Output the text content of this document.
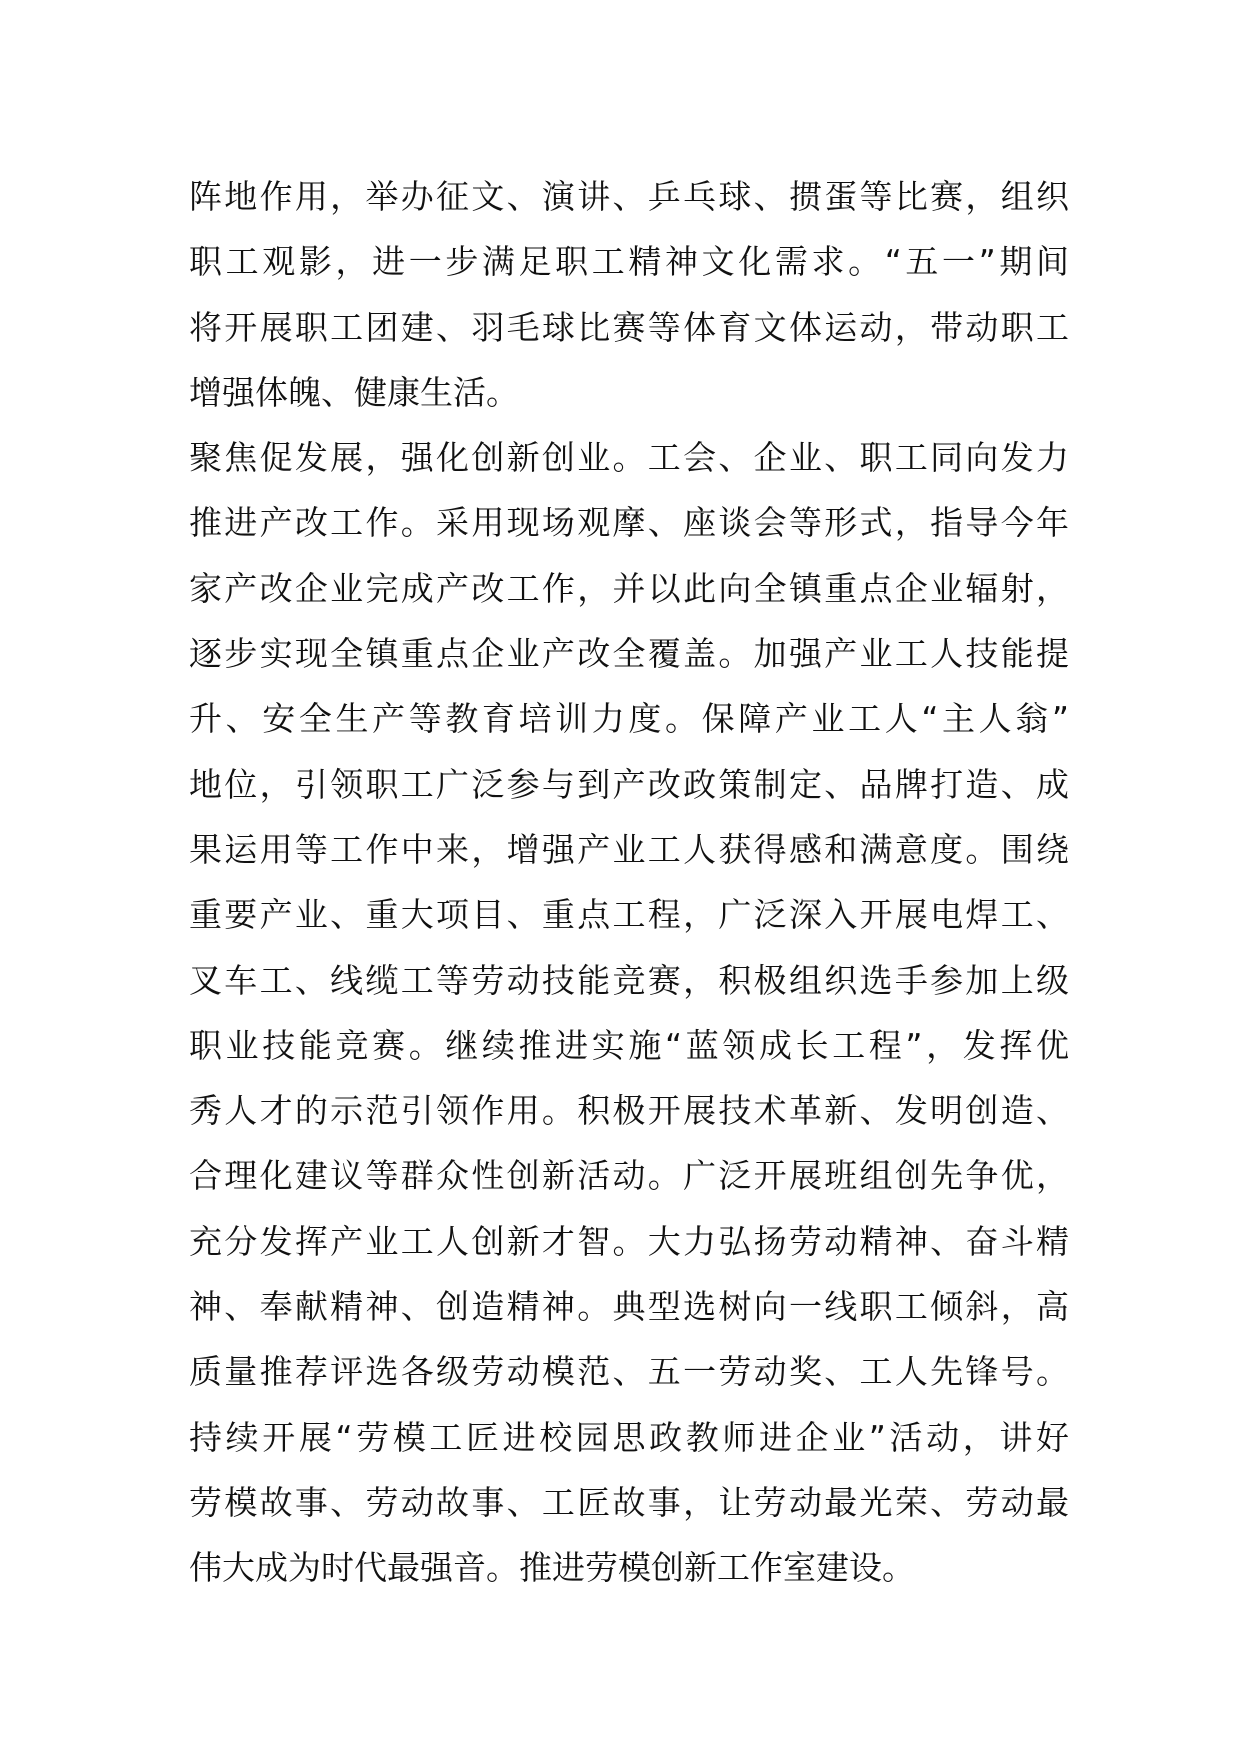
阵地作用，举办征文、演讲、乒乓球、掼蛋等比赛，组织
职工观影，进一步满足职工精神文化需求。“五一”期间
将开展职工团建、羽毛球比赛等体育文体运动，带动职工
增强体魄、健康生活。
聚焦促发展，强化创新创业。工会、企业、职工同向发力
推进产改工作。采用现场观摩、座谈会等形式，指导今年
家产改企业完成产改工作，并以此向全镇重点企业辐射，
逐步实现全镇重点企业产改全覆盖。加强产业工人技能提
升、安全生产等教育培训力度。保障产业工人“主人翁”
地位，引领职工广泛参与到产改政策制定、品牌打造、成
果运用等工作中来，增强产业工人获得感和满意度。围绕
重要产业、重大项目、重点工程，广泛深入开展电焊工、
叉车工、线缆工等劳动技能竞赛，积极组织选手参加上级
职业技能竞赛。继续推进实施“蓝领成长工程”，发挥优
秀人才的示范引领作用。积极开展技术革新、发明创造、
合理化建议等群众性创新活动。广泛开展班组创先争优，
充分发挥产业工人创新才智。大力弘扬劳动精神、奋斗精
神、奉献精神、创造精神。典型选树向一线职工倾斜，高
质量推荐评选各级劳动模范、五一劳动奖、工人先锋号。
持续开展“劳模工匠进校园思政教师进企业”活动，讲好
劳模故事、劳动故事、工匠故事，让劳动最光荣、劳动最
伟大成为时代最强音。推进劳模创新工作室建设。
